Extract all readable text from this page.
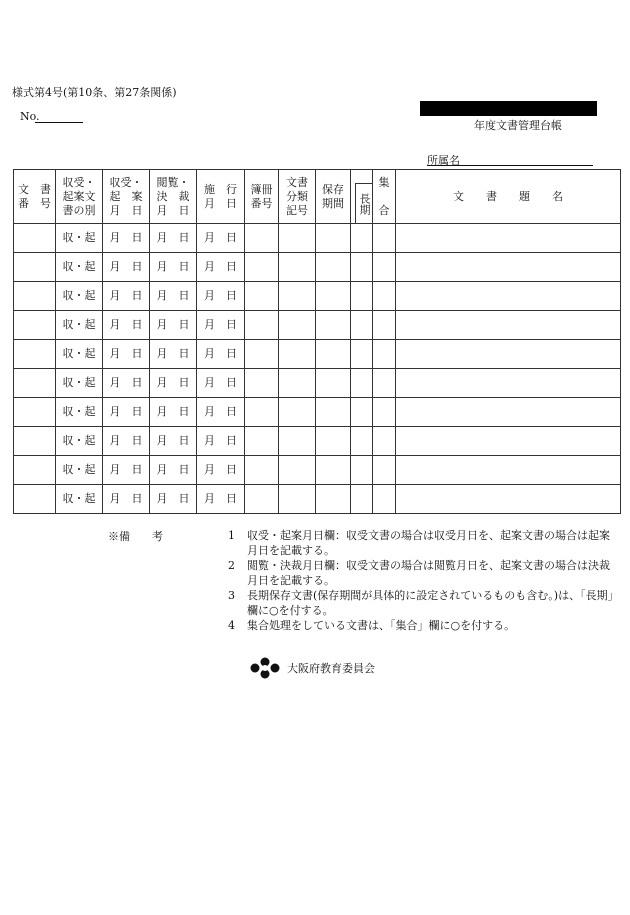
様式第4号(第10条、第27条関係)
No.
年度文書管理台帳
所属名
文　書
番　号	収受・
起案文
書の別	収受・
起　案
月　日	閲覧・
決　裁
月　日	施　行
月　日	簿冊
番号	文書
分類
記号	保存
期間	長期	集

合	文　　書　　題　　名
	収・起	月　日	月　日	月　日						
	収・起	月　日	月　日	月　日						
	収・起	月　日	月　日	月　日						
	収・起	月　日	月　日	月　日						
	収・起	月　日	月　日	月　日						
	収・起	月　日	月　日	月　日						
	収・起	月　日	月　日	月　日						
	収・起	月　日	月　日	月　日						
	収・起	月　日	月　日	月　日						
	収・起	月　日	月　日	月　日						
※備　　考	1	収受・起案月日欄：収受文書の場合は収受月日を、起案文書の場合は起案月日を記載する。
2	閲覧・決裁月日欄：収受文書の場合は閲覧月日を、起案文書の場合は決裁月日を記載する。
3	長期保存文書(保存期間が具体的に設定されているものも含む。)は、「長期」欄に○を付する。
4	集合処理をしている文書は、「集合」欄に○を付する。
大阪府教育委員会
